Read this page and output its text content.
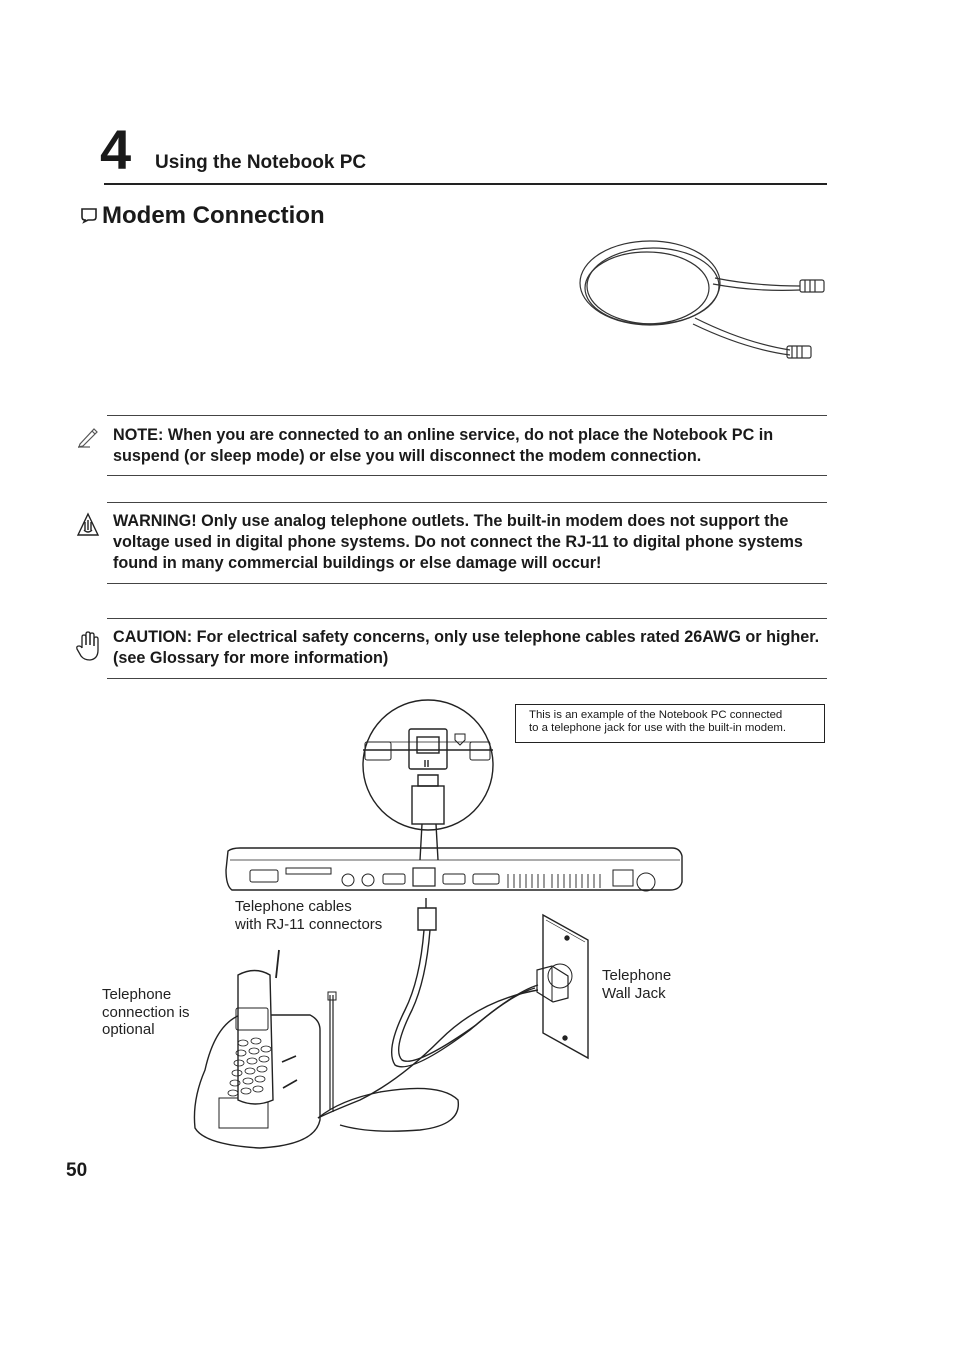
4 Using the Notebook PC
Modem Connection
NOTE: When you are connected to an online service, do not place the Notebook PC in suspend (or sleep mode) or else you will disconnect the modem connection.
WARNING! Only use analog telephone outlets. The built-in modem does not support the voltage used in digital phone systems. Do not connect the RJ-11 to digital phone systems found in many commercial buildings or else damage will occur!
CAUTION: For electrical safety concerns, only use telephone cables rated 26AWG or higher. (see Glossary for more information)
This is an example of the Notebook PC connected
to a telephone jack for use with the built-in modem.
Telephone cables
with RJ-11 connectors
Telephone
Wall Jack
Telephone
connection is
optional
50
